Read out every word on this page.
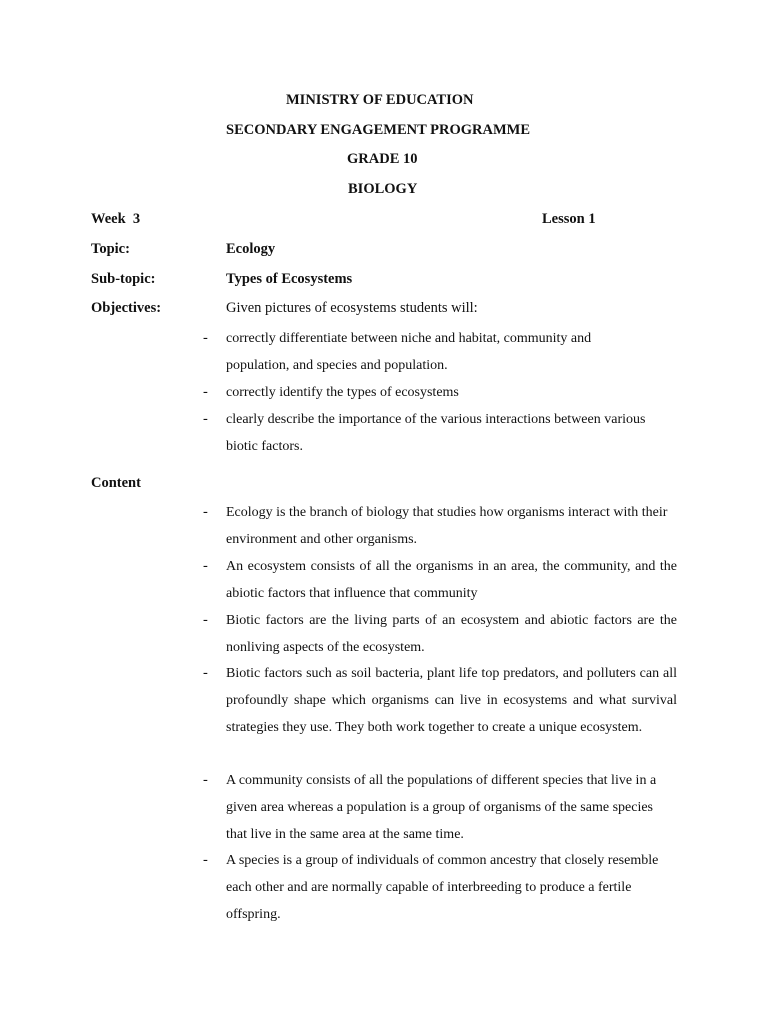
MINISTRY OF EDUCATION
SECONDARY ENGAGEMENT PROGRAMME
GRADE 10
BIOLOGY
Week  3	Lesson 1
Topic:	Ecology
Sub-topic:	Types of Ecosystems
Objectives:	Given pictures of ecosystems students will:
- correctly differentiate between niche and habitat, community and population, and species and population.
- correctly identify the types of ecosystems
- clearly describe the importance of the various interactions between various biotic factors.
Content
- Ecology is the branch of biology that studies how organisms interact with their environment and other organisms.
- An ecosystem consists of all the organisms in an area, the community, and the abiotic factors that influence that community
- Biotic factors are the living parts of an ecosystem and abiotic factors are the nonliving aspects of the ecosystem.
- Biotic factors such as soil bacteria, plant life top predators, and polluters can all profoundly shape which organisms can live in ecosystems and what survival strategies they use. They both work together to create a unique ecosystem.
- A community consists of all the populations of different species that live in a given area whereas a population is a group of organisms of the same species that live in the same area at the same time.
- A species is a group of individuals of common ancestry that closely resemble each other and are normally capable of interbreeding to produce a fertile offspring.
